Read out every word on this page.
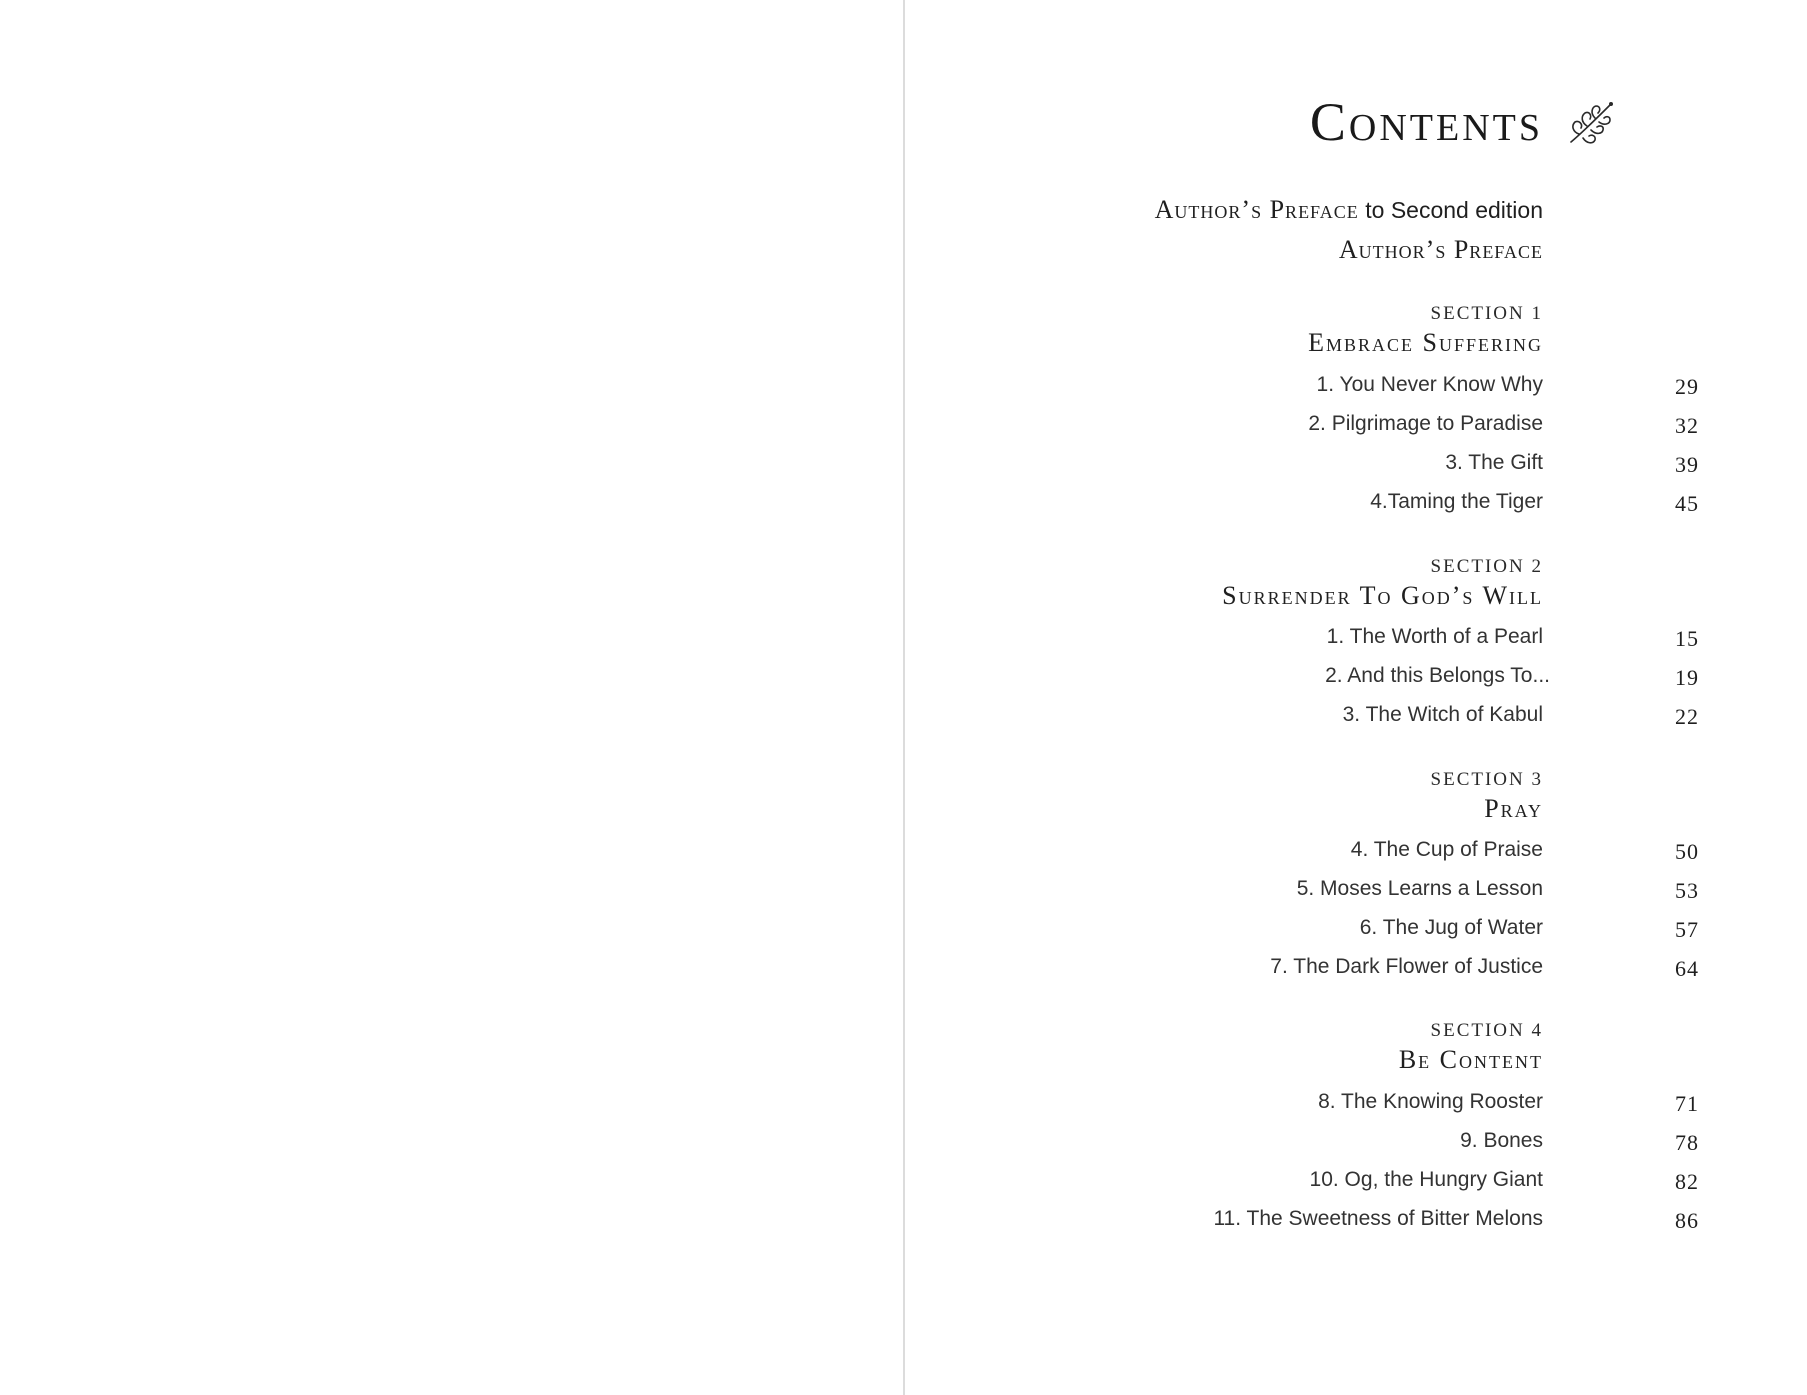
Contents
Author’s Preface to Second edition
Author’s Preface
SECTION 1
Embrace Suffering
1. You Never Know Why	29
2. Pilgrimage to Paradise	32
3. The Gift	39
4.Taming the Tiger	45
SECTION 2
Surrender To God’s Will
1. The Worth of a Pearl	15
2. And this Belongs To...	19
3. The Witch of Kabul	22
SECTION 3
Pray
4. The Cup of Praise	50
5. Moses Learns a Lesson	53
6. The Jug of Water	57
7. The Dark Flower of Justice	64
SECTION 4
Be Content
8. The Knowing Rooster	71
9. Bones	78
10. Og, the Hungry Giant	82
11. The Sweetness of Bitter Melons	86
